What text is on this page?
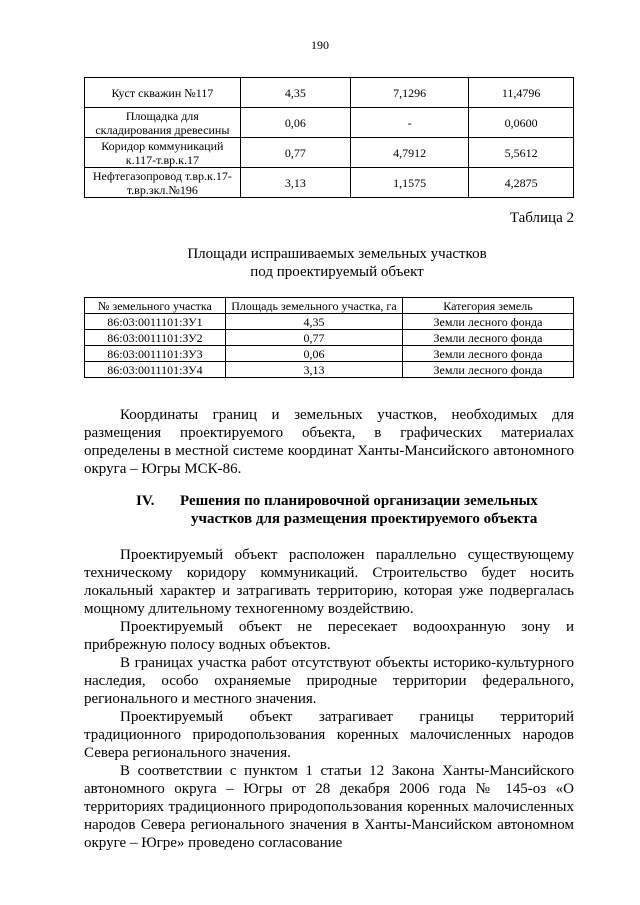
190
Куст скважин №117	4,35	7,1296	11,4796
Площадка для складирования древесины	0,06	-	0,0600
Коридор коммуникаций к.117-т.вр.к.17	0,77	4,7912	5,5612
Нефтегазопровод т.вр.к.17-т.вр.зкл.№196	3,13	1,1575	4,2875
Таблица 2
Площади испрашиваемых земельных участков
под проектируемый объект
№ земельного участка	Площадь земельного участка, га	Категория земель
86:03:0011101:ЗУ1	4,35	Земли лесного фонда
86:03:0011101:ЗУ2	0,77	Земли лесного фонда
86:03:0011101:ЗУ3	0,06	Земли лесного фонда
86:03:0011101:ЗУ4	3,13	Земли лесного фонда

Координаты границ и земельных участков, необходимых для размещения проектируемого объекта, в графических материалах определены в местной системе координат Ханты-Мансийского автономного округа – Югры МСК-86.

IV. Решения по планировочной организации земельных
участков для размещения проектируемого объекта

Проектируемый объект расположен параллельно существующему техническому коридору коммуникаций. Строительство будет носить локальный характер и затрагивать территорию, которая уже подвергалась мощному длительному техногенному воздействию.

Проектируемый объект не пересекает водоохранную зону и прибрежную полосу водных объектов.

В границах участка работ отсутствуют объекты историко-культурного наследия, особо охраняемые природные территории федерального, регионального и местного значения.

Проектируемый объект затрагивает границы территорий традиционного природопользования коренных малочисленных народов Севера регионального значения.

В соответствии с пунктом 1 статьи 12 Закона Ханты-Мансийского автономного округа – Югры от 28 декабря 2006 года № 145-оз «О территориях традиционного природопользования коренных малочисленных народов Севера регионального значения в Ханты-Мансийском автономном округе – Югре» проведено согласование
